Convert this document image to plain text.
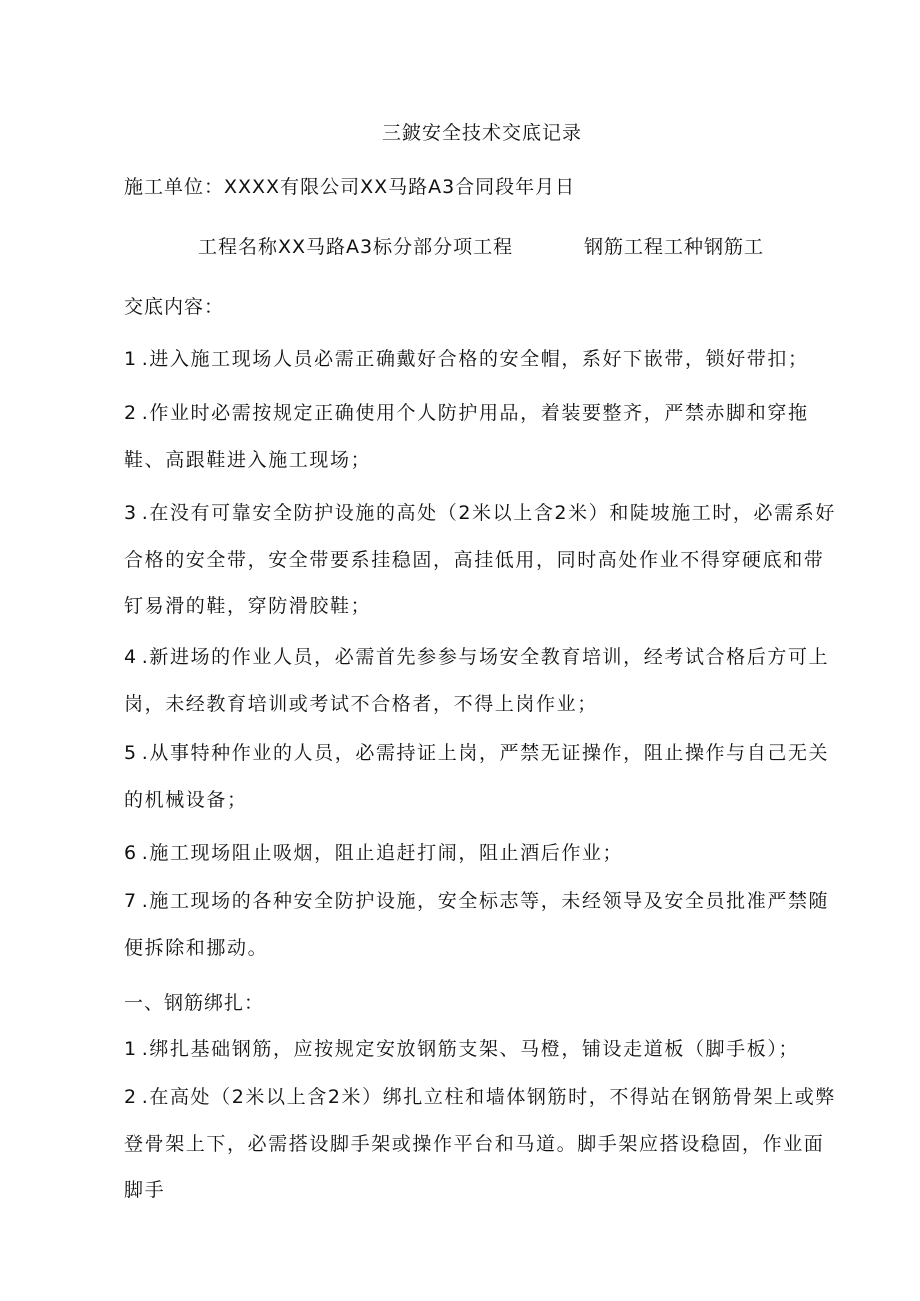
三鈹安全技术交底记录
施工单位：XXXX有限公司XX马路A3合同段年月日
工程名称XX马路A3标分部分项工程	钢筋工程工种钢筋工
交底内容：
1 .进入施工现场人员必需正确戴好合格的安全帽，系好下嵌带，锁好带扣；
2 .作业时必需按规定正确使用个人防护用品，着装要整齐，严禁赤脚和穿拖鞋、高跟鞋进入施工现场；
3 .在没有可靠安全防护设施的高处（2米以上含2米）和陡坡施工时，必需系好合格的安全带，安全带要系挂稳固，高挂低用，同时高处作业不得穿硬底和带钉易滑的鞋，穿防滑胶鞋；
4 .新进场的作业人员，必需首先参参与场安全教育培训，经考试合格后方可上岗，未经教育培训或考试不合格者，不得上岗作业；
5 .从事特种作业的人员，必需持证上岗，严禁无证操作，阻止操作与自己无关的机械设备；
6 .施工现场阻止吸烟，阻止追赶打闹，阻止酒后作业；
7 .施工现场的各种安全防护设施，安全标志等，未经领导及安全员批准严禁随便拆除和挪动。
一、钢筋绑扎：
1 .绑扎基础钢筋，应按规定安放钢筋支架、马橙，铺设走道板（脚手板）；
2 .在高处（2米以上含2米）绑扎立柱和墙体钢筋时，不得站在钢筋骨架上或弊登骨架上下，必需搭设脚手架或操作平台和马道。脚手架应搭设稳固，作业面脚手
